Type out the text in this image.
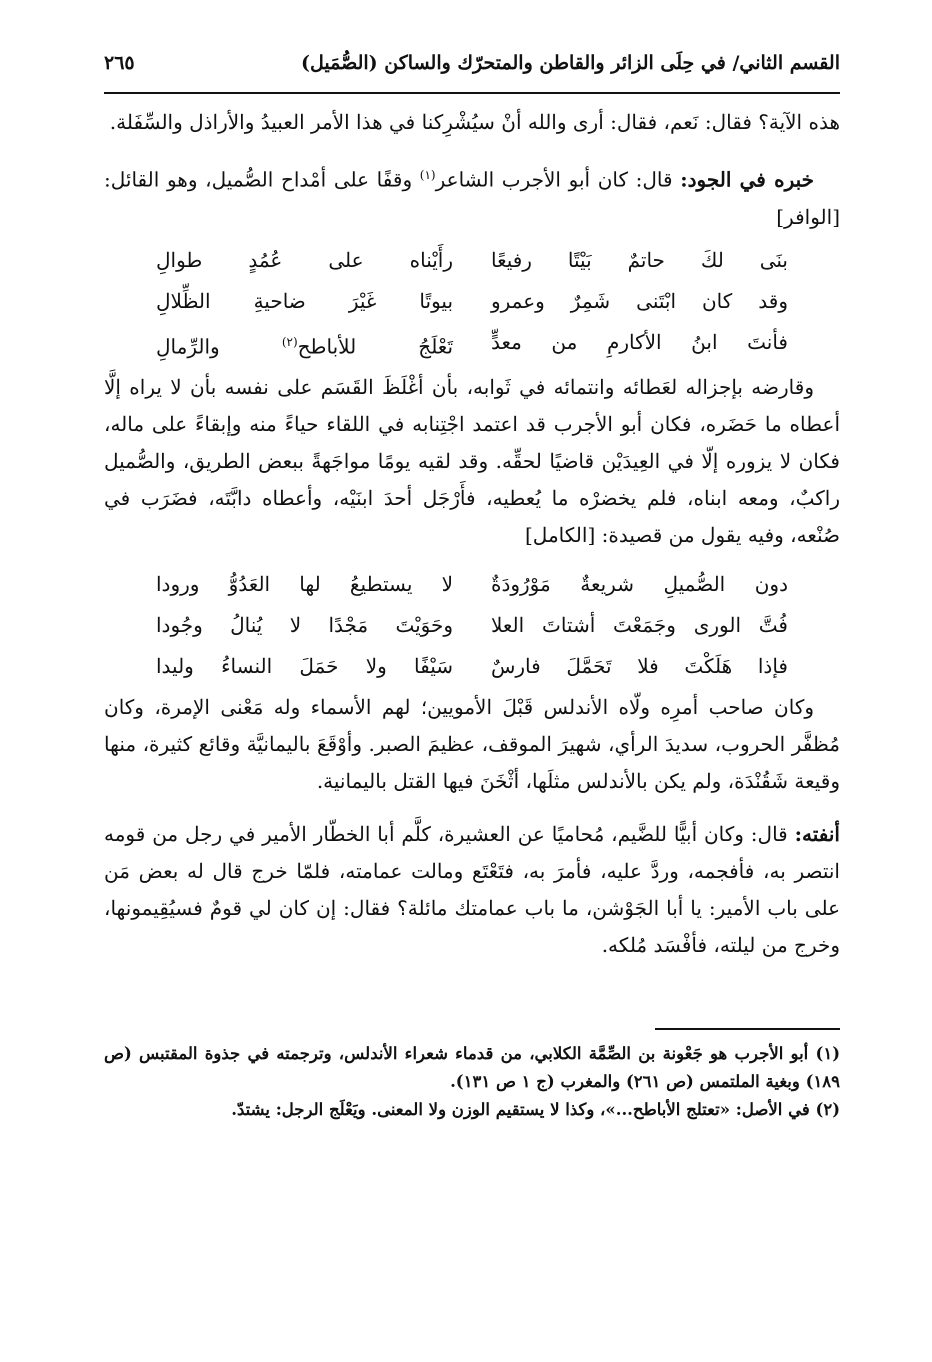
القسم الثاني/ في حِلَى الزائر والقاطن والمتحرّك والساكن (الصُّمَيل)
٢٦٥

هذه الآية؟ فقال: نَعم، فقال: أرى والله أنْ سيُشْرِكنا في هذا الأمر العبيدُ والأراذل والسِّفَلة.

خبره في الجود: قال: كان أبو الأجرب الشاعر$^{(١)}$ وقفًا على أمْداح الصُّميل، وهو القائل: [الوافر]

بنَى لكَ حاتمٌ بَيْتًا رفيعًا
رأَيْناه على عُمُدٍ طوالِ
وقد كان ابْتَنى شَمِرٌ وعمرو
بيوتًا غَيْرَ ضاحيةِ الظِّلالِ
فأنتَ ابنُ الأكارمِ من معدٍّ
تَعْلَجُ للأباطح$^{(٢)}$ والرِّمالِ

وقارضه بإجزاله لعَطائه وانتمائه في ثَوابه، بأن أغْلَظَ القَسَم على نفسه بأن لا يراه إلَّا أعطاه ما حَضَره، فكان أبو الأجرب قد اعتمد اجْتِنابه في اللقاء حياءً منه وإبقاءً على ماله، فكان لا يزوره إلّا في العِيدَيْن قاضيًا لحقِّه. وقد لقيه يومًا مواجَهةً ببعض الطريق، والصُّميل راكبٌ، ومعه ابناه، فلم يخضرْه ما يُعطيه، فأَرْجَل أحدَ ابنَيْه، وأعطاه دابَّتَه، فضَرَب في صُنْعه، وفيه يقول من قصيدة: [الكامل]

دون الصُّميلِ شريعةٌ مَوْرُودَةٌ
لا يستطيعُ لها العَدُوُّ ورودا
فُتَّ الورى وجَمَعْتَ أشتاتَ العلا
وحَوَيْتَ مَجْدًا لا يُنالُ وجُودا
فإذا هَلَكْتَ فلا تَحَمَّلَ فارسٌ
سَيْفًا ولا حَمَلَ النساءُ وليدا

وكان صاحب أمرِه ولّاه الأندلس قَبْلَ الأمويين؛ لهم الأسماء وله مَعْنى الإمرة، وكان مُظفَّر الحروب، سديدَ الرأي، شهيرَ الموقف، عظيمَ الصبر. وأوْقَعَ باليمانيَّة وقائع كثيرة، منها وقيعة شَقُنْدَة، ولم يكن بالأندلس مثلَها، أثْخَنَ فيها القتل باليمانية.

أنفته: قال: وكان أبيًّا للضَّيم، مُحاميًا عن العشيرة، كلَّم أبا الخطّار الأمير في رجل من قومه انتصر به، فأفجمه، وردَّ عليه، فأمرَ به، فتَعْتَع ومالت عمامته، فلمّا خرج قال له بعض مَن على باب الأمير: يا أبا الجَوْشن، ما باب عمامتك مائلة؟ فقال: إن كان لي قومٌ فسيُقِيمونها، وخرج من ليلته، فأفْسَد مُلكه.

(١) أبو الأجرب هو جَعْونة بن الصِّمَّة الكلابي، من قدماء شعراء الأندلس، وترجمته في جذوة المقتبس (ص ١٨٩) وبغية الملتمس (ص ٢٦١) والمغرب (ج ١ ص ١٣١).

(٢) في الأصل: «تعتلج الأباطح...»، وكذا لا يستقيم الوزن ولا المعنى. ويَعْلَج الرجل: يشتدّ.
